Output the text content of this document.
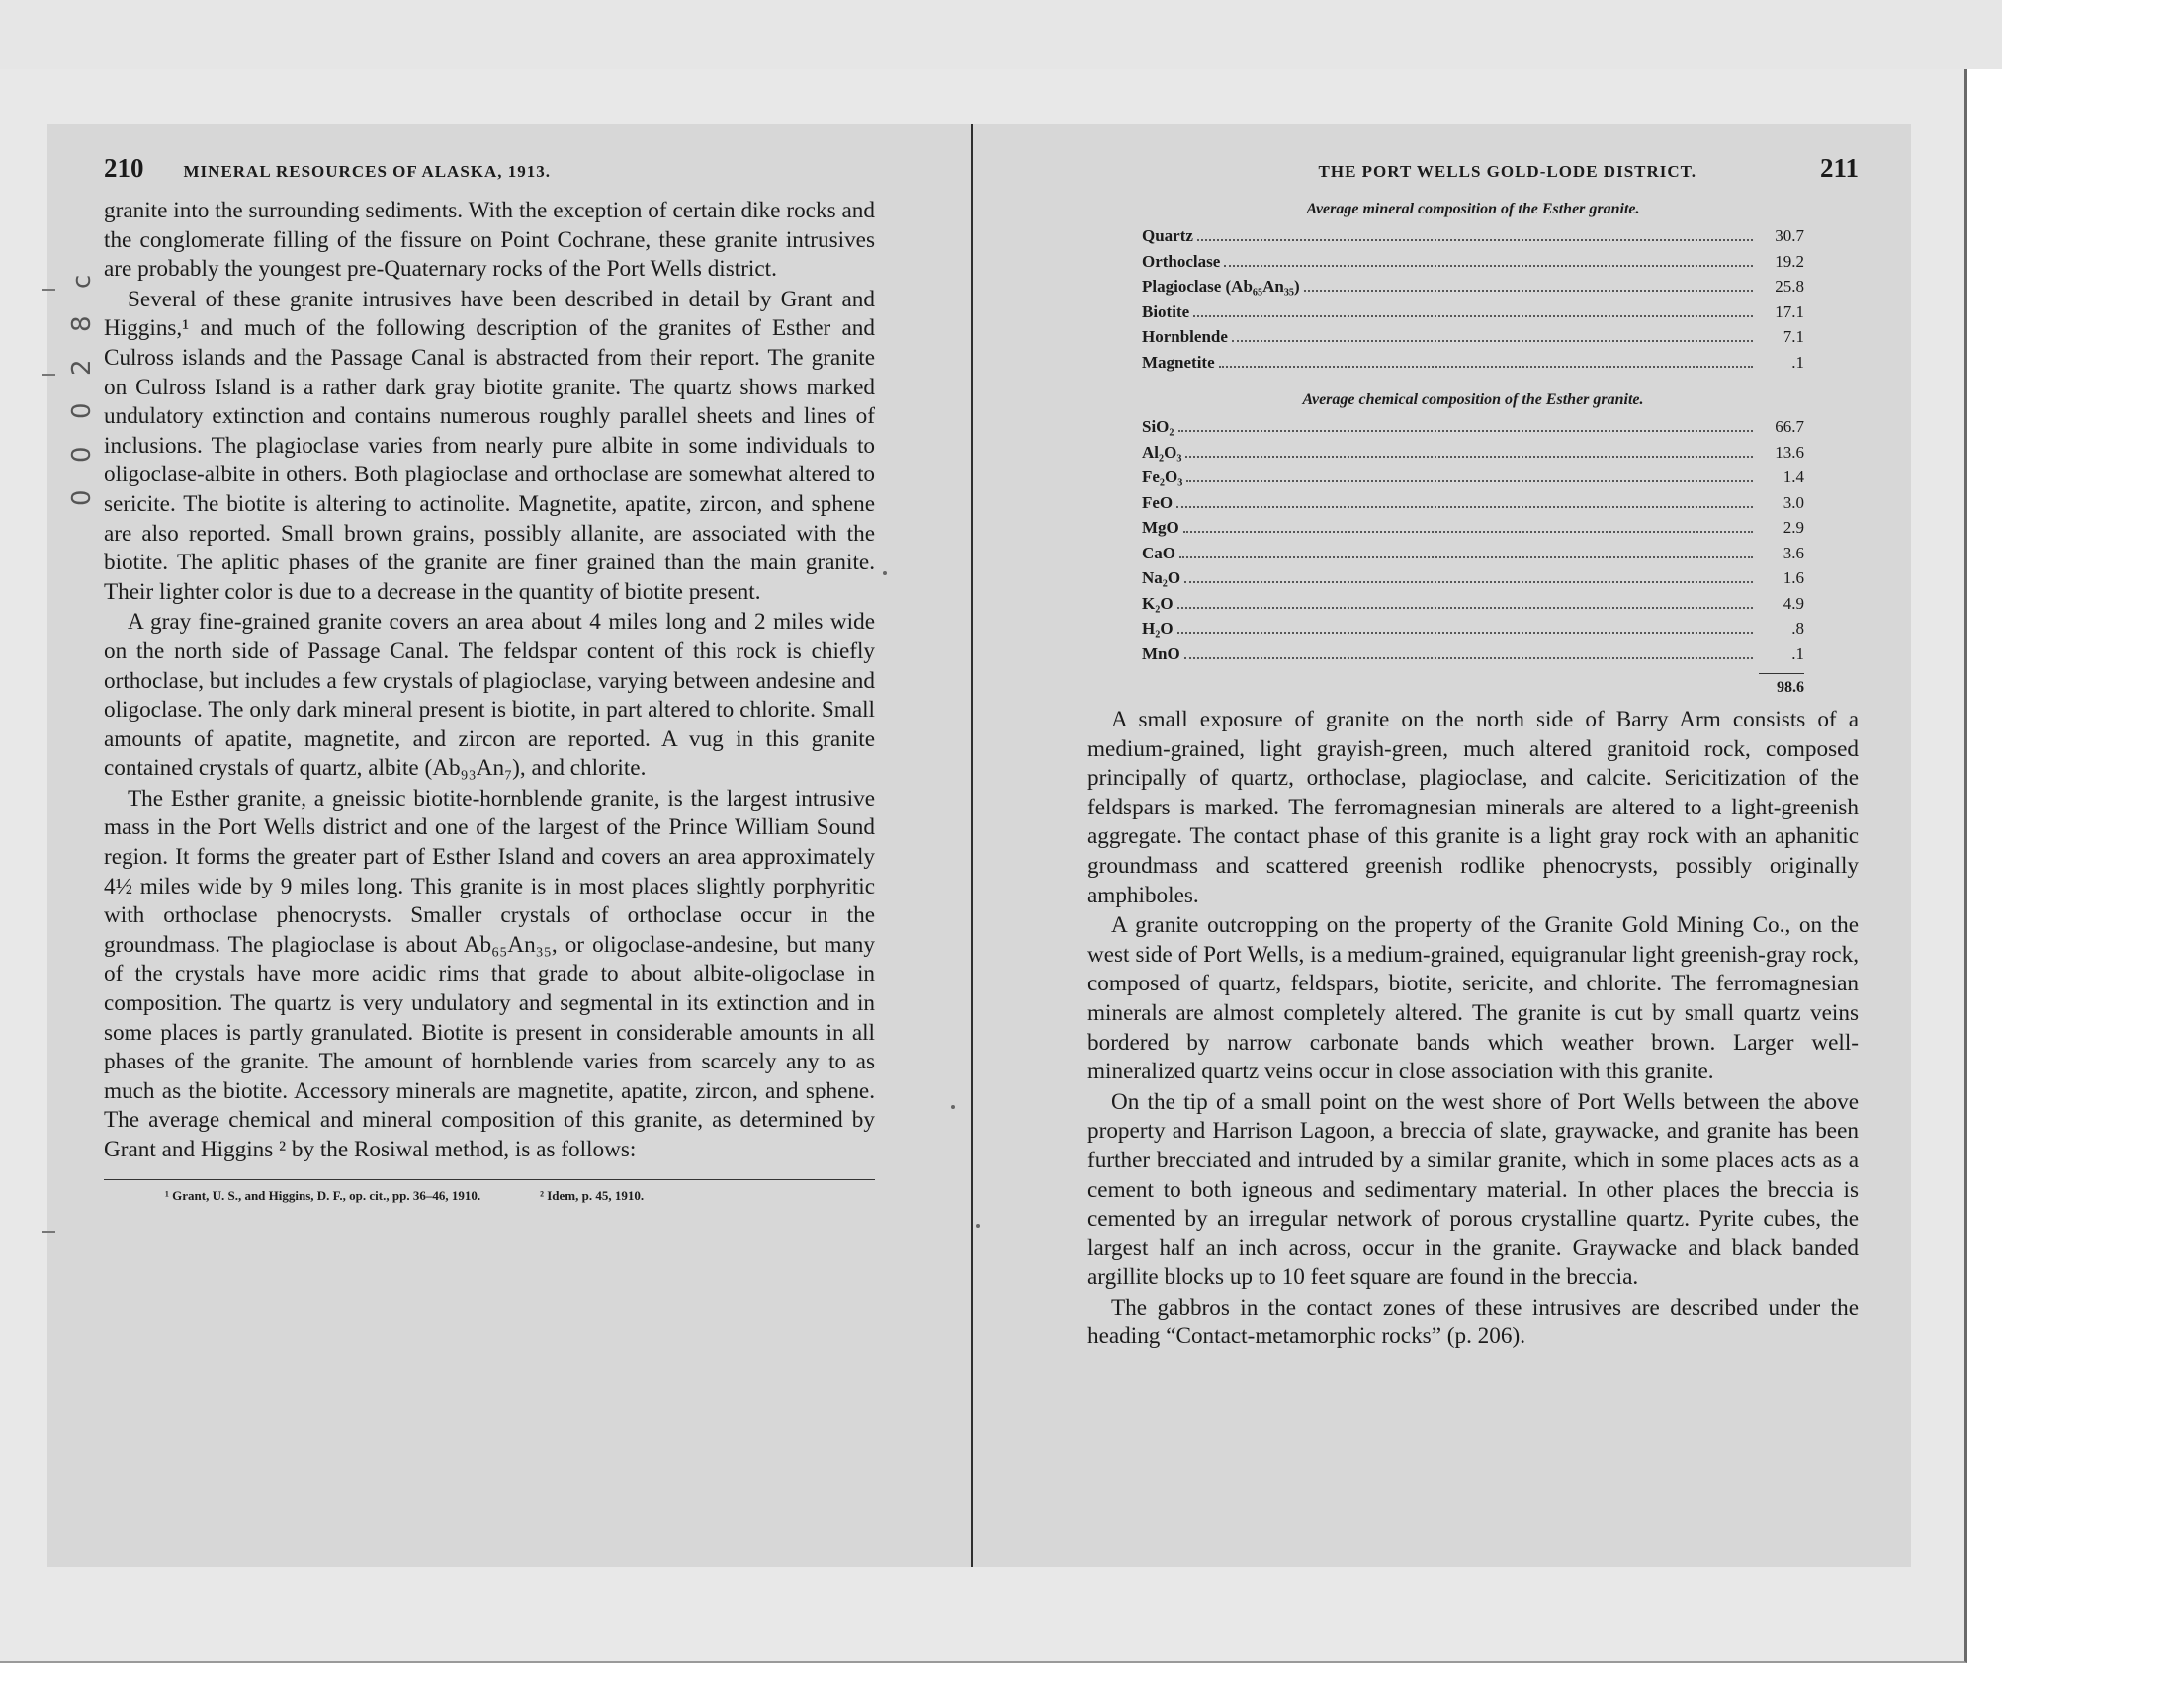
c
8
2
0
0
0
210 MINERAL RESOURCES OF ALASKA, 1913.

granite into the surrounding sediments. With the exception of certain dike rocks and the conglomerate filling of the fissure on Point Cochrane, these granite intrusives are probably the youngest pre-Quaternary rocks of the Port Wells district.

Several of these granite intrusives have been described in detail by Grant and Higgins,¹ and much of the following description of the granites of Esther and Culross islands and the Passage Canal is abstracted from their report. The granite on Culross Island is a rather dark gray biotite granite. The quartz shows marked undulatory extinction and contains numerous roughly parallel sheets and lines of inclusions. The plagioclase varies from nearly pure albite in some individuals to oligoclase-albite in others. Both plagioclase and orthoclase are somewhat altered to sericite. The biotite is altering to actinolite. Magnetite, apatite, zircon, and sphene are also reported. Small brown grains, possibly allanite, are associated with the biotite. The aplitic phases of the granite are finer grained than the main granite. Their lighter color is due to a decrease in the quantity of biotite present.

A gray fine-grained granite covers an area about 4 miles long and 2 miles wide on the north side of Passage Canal. The feldspar content of this rock is chiefly orthoclase, but includes a few crystals of plagioclase, varying between andesine and oligoclase. The only dark mineral present is biotite, in part altered to chlorite. Small amounts of apatite, magnetite, and zircon are reported. A vug in this granite contained crystals of quartz, albite (Ab₉₃An₇), and chlorite.

The Esther granite, a gneissic biotite-hornblende granite, is the largest intrusive mass in the Port Wells district and one of the largest of the Prince William Sound region. It forms the greater part of Esther Island and covers an area approximately 4½ miles wide by 9 miles long. This granite is in most places slightly porphyritic with orthoclase phenocrysts. Smaller crystals of orthoclase occur in the groundmass. The plagioclase is about Ab₆₅An₃₅, or oligoclase-andesine, but many of the crystals have more acidic rims that grade to about albite-oligoclase in composition. The quartz is very undulatory and segmental in its extinction and in some places is partly granulated. Biotite is present in considerable amounts in all phases of the granite. The amount of hornblende varies from scarcely any to as much as the biotite. Accessory minerals are magnetite, apatite, zircon, and sphene. The average chemical and mineral composition of this granite, as determined by Grant and Higgins ² by the Rosiwal method, is as follows:

¹ Grant, U. S., and Higgins, D. F., op. cit., pp. 36–46, 1910.	² Idem, p. 45, 1910.
THE PORT WELLS GOLD-LODE DISTRICT.	211
Average mineral composition of the Esther granite.
Quartz	30.7
Orthoclase	19.2
Plagioclase (Ab₆₅An₃₅)	25.8
Biotite	17.1
Hornblende	7.1
Magnetite	.1
Average chemical composition of the Esther granite.
SiO₂	66.7
Al₂O₃	13.6
Fe₂O₃	1.4
FeO	3.0
MgO	2.9
CaO	3.6
Na₂O	1.6
K₂O	4.9
H₂O	.8
MnO	.1
98.6

A small exposure of granite on the north side of Barry Arm consists of a medium-grained, light grayish-green, much altered granitoid rock, composed principally of quartz, orthoclase, plagioclase, and calcite. Sericitization of the feldspars is marked. The ferromagnesian minerals are altered to a light-greenish aggregate. The contact phase of this granite is a light gray rock with an aphanitic groundmass and scattered greenish rodlike phenocrysts, possibly originally amphiboles.

A granite outcropping on the property of the Granite Gold Mining Co., on the west side of Port Wells, is a medium-grained, equigranular light greenish-gray rock, composed of quartz, feldspars, biotite, sericite, and chlorite. The ferromagnesian minerals are almost completely altered. The granite is cut by small quartz veins bordered by narrow carbonate bands which weather brown. Larger well-mineralized quartz veins occur in close association with this granite.

On the tip of a small point on the west shore of Port Wells between the above property and Harrison Lagoon, a breccia of slate, graywacke, and granite has been further brecciated and intruded by a similar granite, which in some places acts as a cement to both igneous and sedimentary material. In other places the breccia is cemented by an irregular network of porous crystalline quartz. Pyrite cubes, the largest half an inch across, occur in the granite. Graywacke and black banded argillite blocks up to 10 feet square are found in the breccia.

The gabbros in the contact zones of these intrusives are described under the heading “Contact-metamorphic rocks” (p. 206).
